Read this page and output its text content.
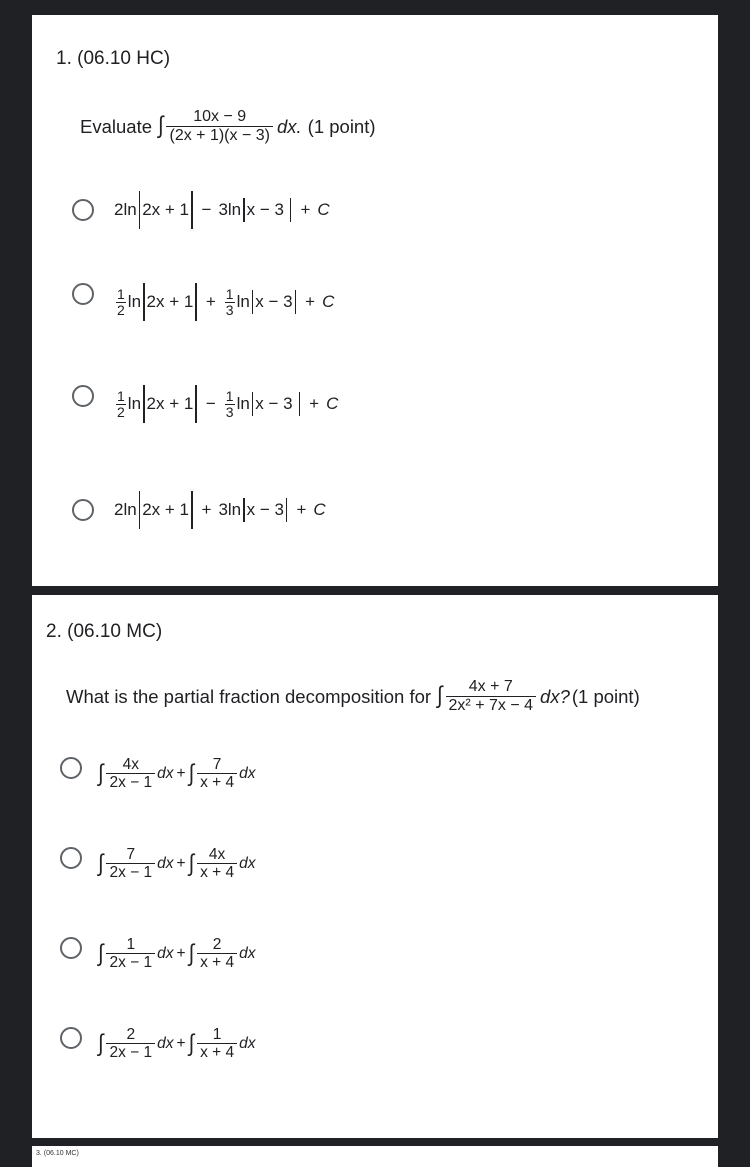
1. (06.10 HC)
Evaluate ∫ $\frac{10x - 9}{(2x + 1)(x - 3)}$ dx. (1 point)
2 ln 2x + 1 − 3 ln x − 3 + C
$\frac{1}{2}$ $\ln 2x + 1 + \frac{1}{3}$ ln x − 3 + C
$\frac{1}{2}$ $\ln 2x + 1 - \frac{1}{3}$ ln x − 3 + C
2 ln 2x + 1 + 3 ln x − 3 + C
2. (06.10 MC)
What is the partial fraction decomposition for ∫ $\frac{4x + 7}{\text{2x² + 7x − 4}}$ dx? (1 point)
∫ $\frac{4x}{2x - 1}$ dx + ∫ $\frac{7}{x + 4}$ dx
∫ $\frac{7}{2x - 1}$ dx + ∫ $\frac{4x}{x + 4}$ dx
∫ $\frac{1}{2x - 1}$ dx + ∫ $\frac{2}{x + 4}$ dx
∫ $\frac{2}{2x - 1}$ dx + ∫ $\frac{1}{x + 4}$ dx
3. (06.10 MC)
